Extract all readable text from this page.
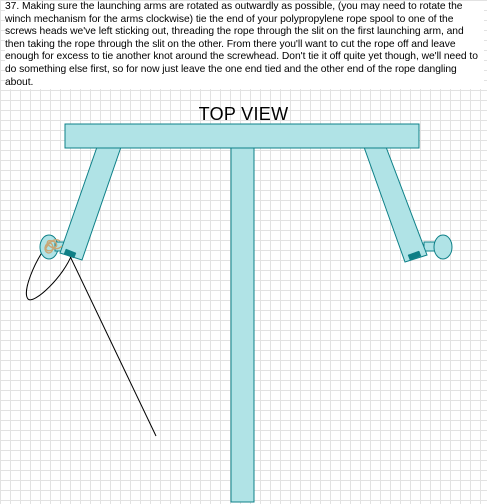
37. Making sure the launching arms are rotated as outwardly as possible, (you may need to rotate the winch mechanism for the arms clockwise) tie the end of your polypropylene rope spool to one of the screws heads we've left sticking out, threading the rope through the slit on the first launching arm, and then taking the rope through the slit on the other. From there you'll want to cut the rope off and leave enough for excess to tie another knot around the screwhead. Don't tie it off quite yet though, we'll need to do something else first, so for now just leave the one end tied and the other end of the rope dangling about.

TOP VIEW
